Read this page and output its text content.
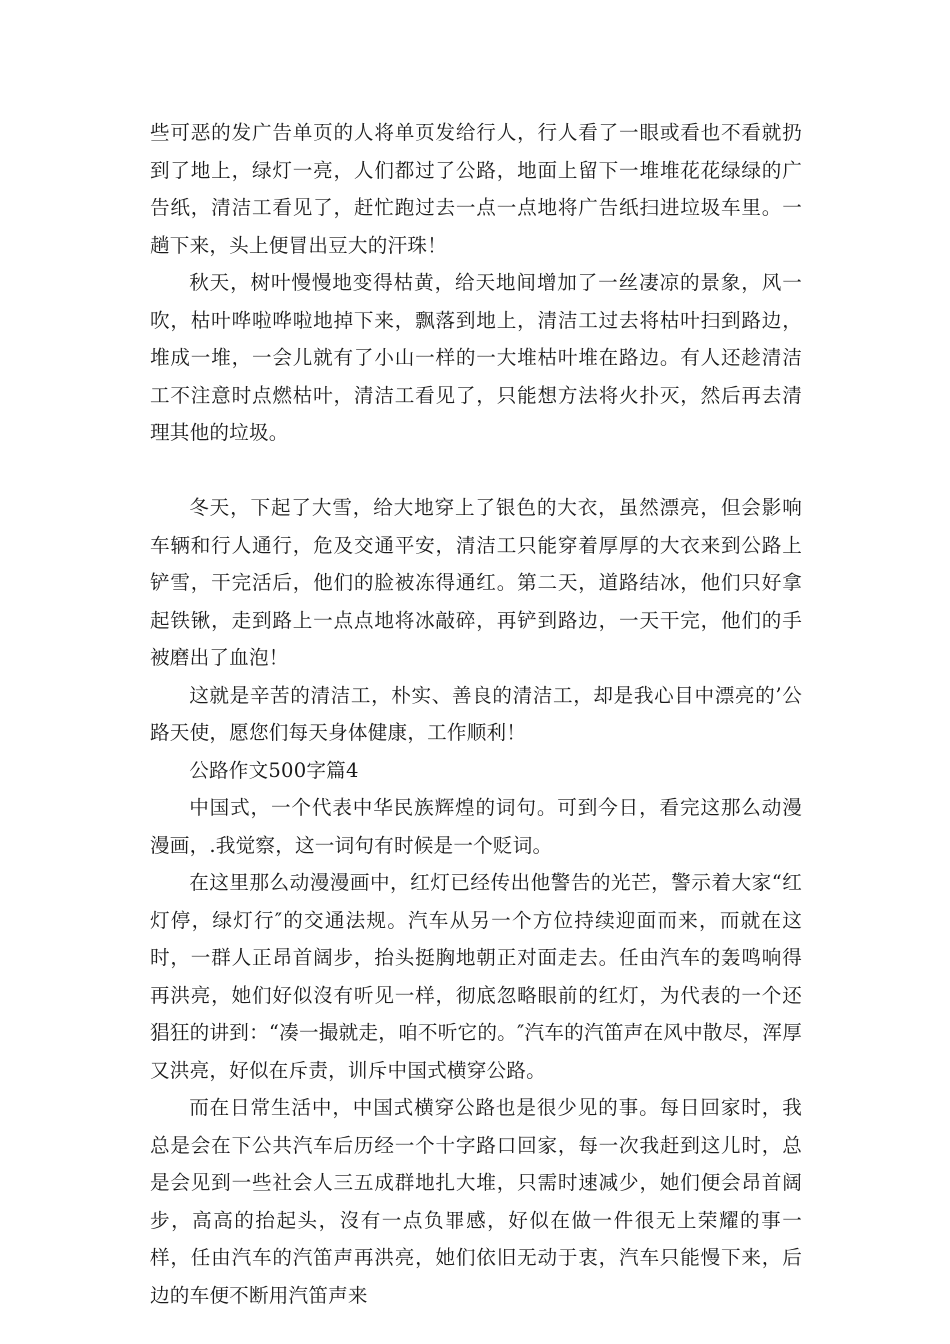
些可恶的发广告单页的人将单页发给行人，行人看了一眼或看也不看就扔到了地上，绿灯一亮，人们都过了公路，地面上留下一堆堆花花绿绿的广告纸，清洁工看见了，赶忙跑过去一点一点地将广告纸扫进垃圾车里。一趟下来，头上便冒出豆大的汗珠！

秋天，树叶慢慢地变得枯黄，给天地间增加了一丝凄凉的景象，风一吹，枯叶哗啦哗啦地掉下来，飘落到地上，清洁工过去将枯叶扫到路边，堆成一堆，一会儿就有了小山一样的一大堆枯叶堆在路边。有人还趁清洁工不注意时点燃枯叶，清洁工看见了，只能想方法将火扑灭，然后再去清理其他的垃圾。

冬天，下起了大雪，给大地穿上了银色的大衣，虽然漂亮，但会影响车辆和行人通行，危及交通平安，清洁工只能穿着厚厚的大衣来到公路上铲雪，干完活后，他们的脸被冻得通红。第二天，道路结冰，他们只好拿起铁锹，走到路上一点点地将冰敲碎，再铲到路边，一天干完，他们的手被磨出了血泡！

这就是辛苦的清洁工，朴实、善良的清洁工，却是我心目中漂亮的’公路天使，愿您们每天身体健康，工作顺利！

公路作文500字篇4

中国式，一个代表中华民族辉煌的词句。可到今日，看完这那么动漫漫画，.我觉察，这一词句有时候是一个贬词。

在这里那么动漫漫画中，红灯已经传出他警告的光芒，警示着大家“红灯停，绿灯行″的交通法规。汽车从另一个方位持续迎面而来，而就在这时，一群人正昂首阔步，抬头挺胸地朝正对面走去。任由汽车的轰鸣响得再洪亮，她们好似沒有听见一样，彻底忽略眼前的红灯，为代表的一个还猖狂的讲到：“凑一撮就走，咱不听它的。″汽车的汽笛声在风中散尽，浑厚又洪亮，好似在斥责，训斥中国式横穿公路。

而在日常生活中，中国式横穿公路也是很少见的事。每日回家时，我总是会在下公共汽车后历经一个十字路口回家，每一次我赶到这儿时，总是会见到一些社会人三五成群地扎大堆，只需时速减少，她们便会昂首阔步，高高的抬起头，沒有一点负罪感，好似在做一件很无上荣耀的事一样，任由汽车的汽笛声再洪亮，她们依旧无动于衷，汽车只能慢下来，后边的车便不断用汽笛声来
